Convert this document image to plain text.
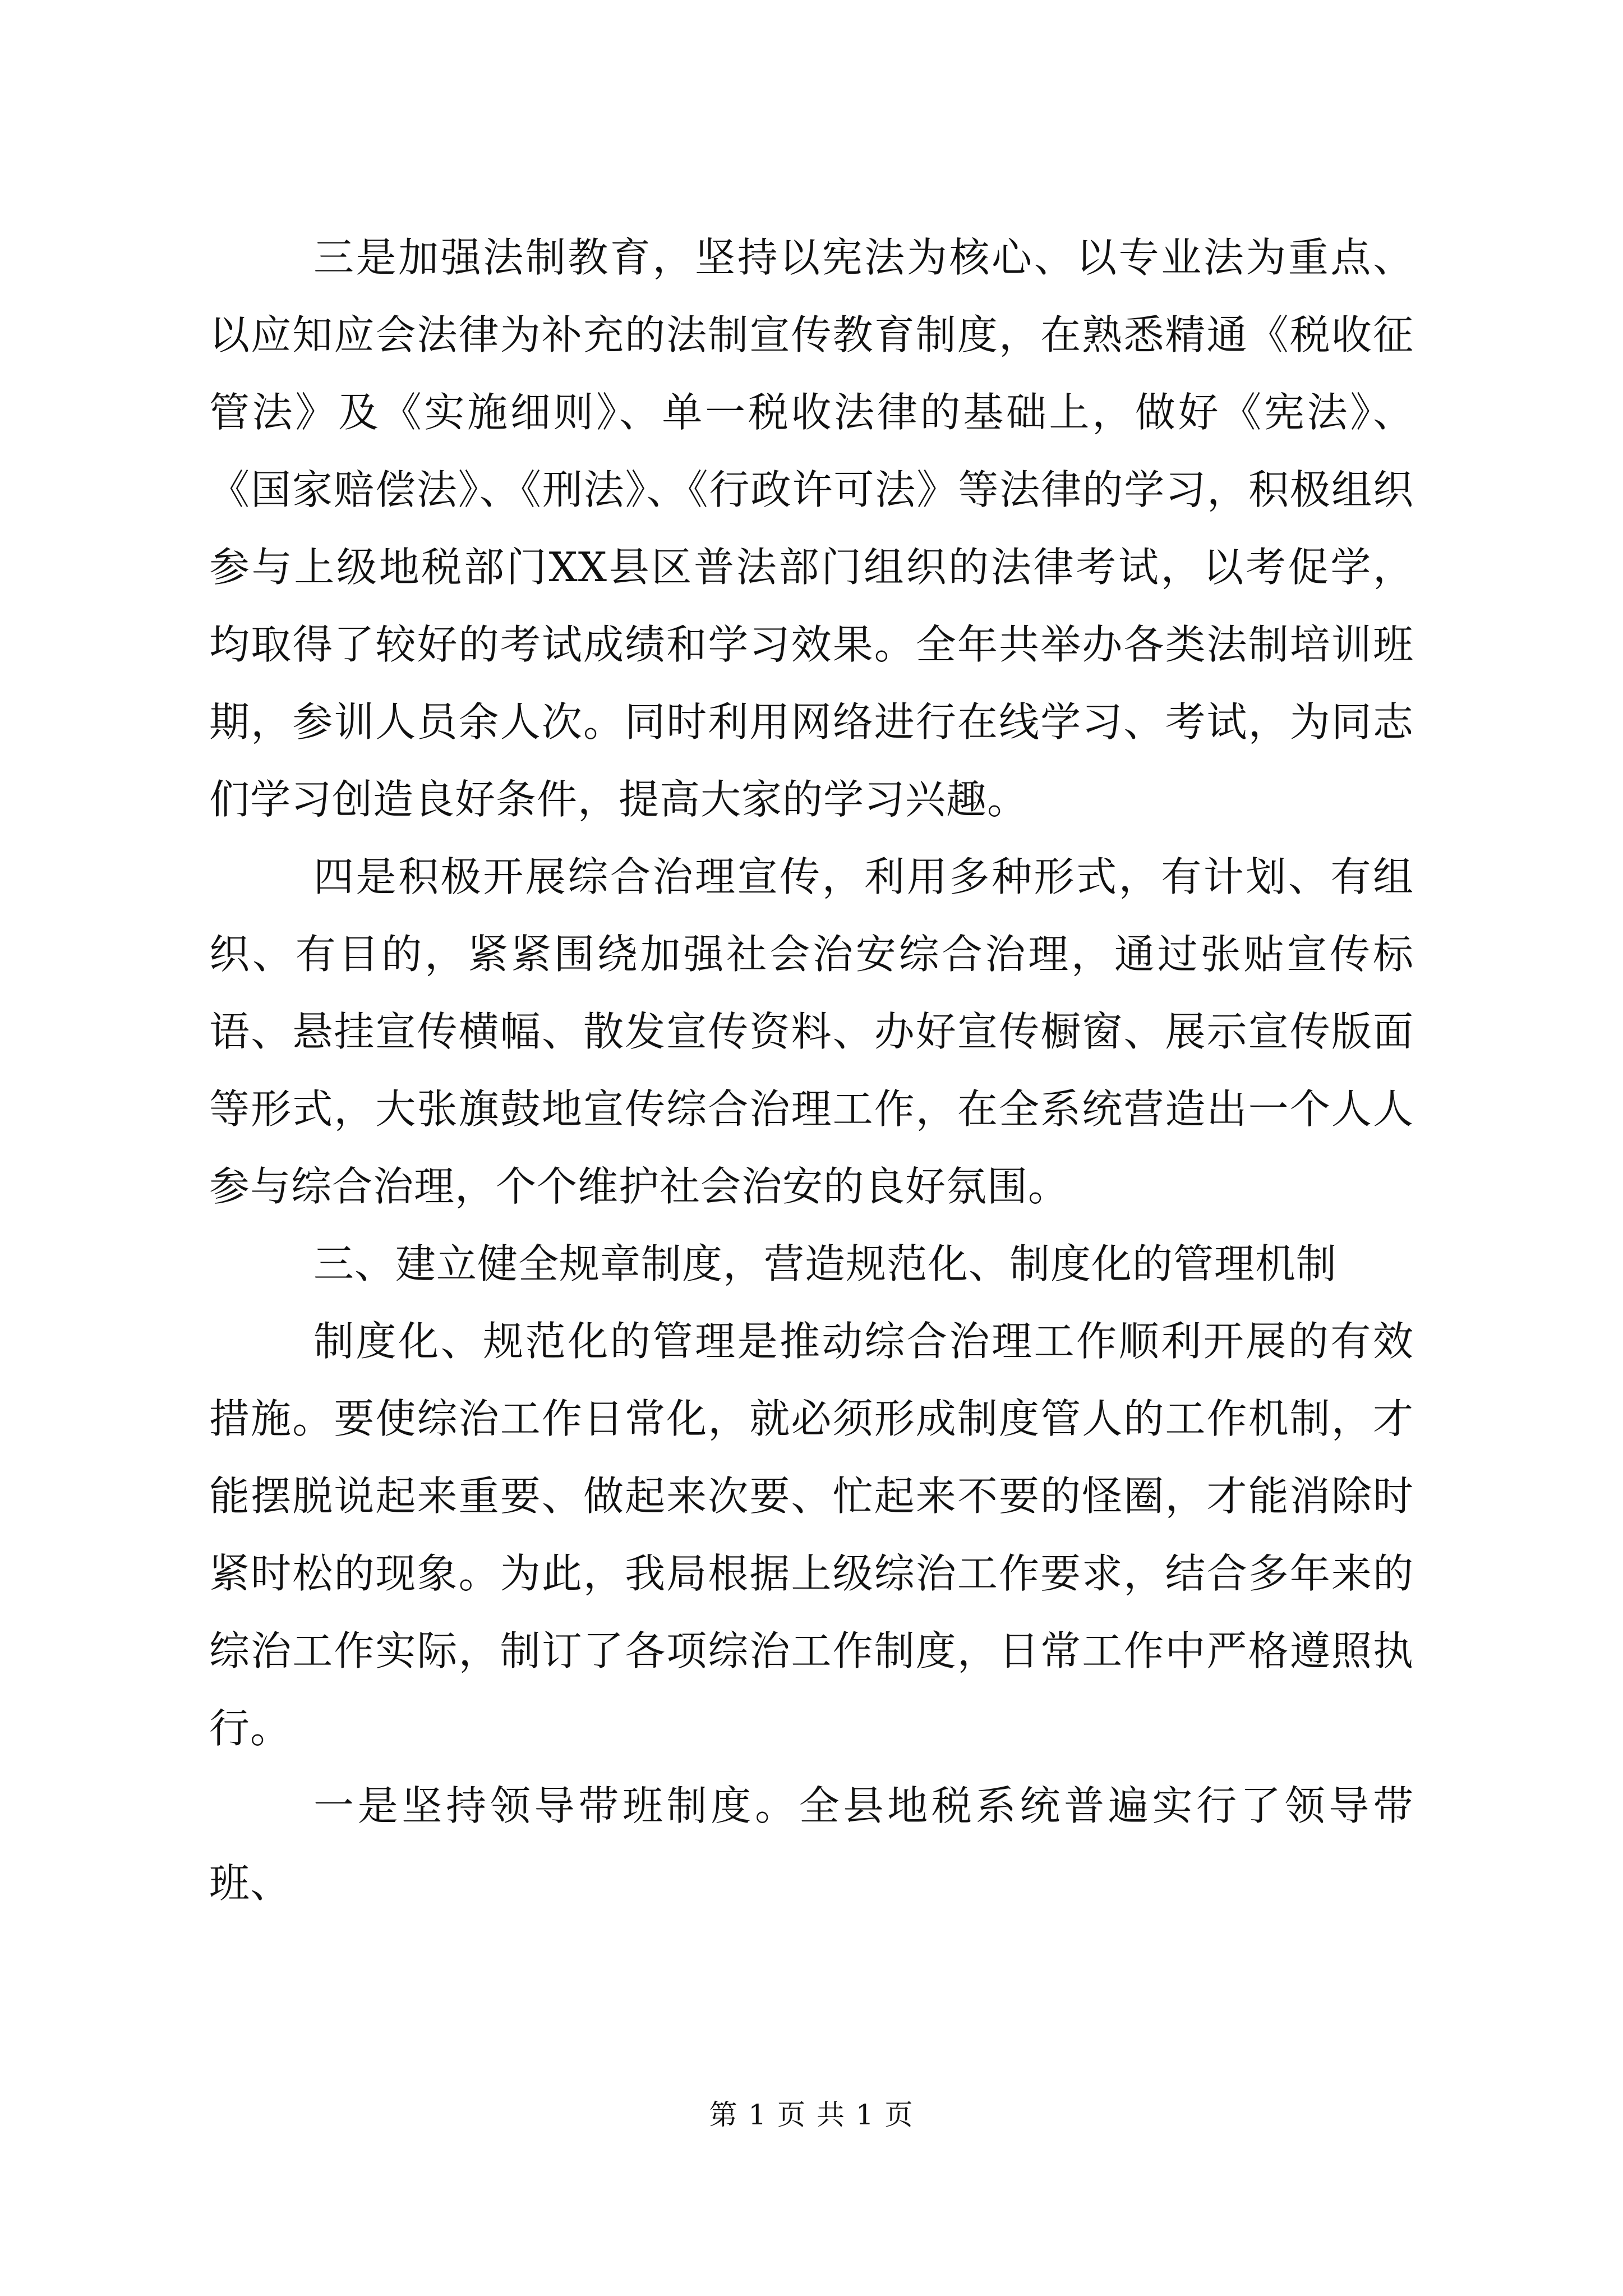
三是加强法制教育，坚持以宪法为核心、以专业法为重点、以应知应会法律为补充的法制宣传教育制度，在熟悉精通《税收征管法》及《实施细则》、单一税收法律的基础上，做好《宪法》、《国家赔偿法》、《刑法》、《行政许可法》等法律的学习，积极组织参与上级地税部门XX县区普法部门组织的法律考试，以考促学，均取得了较好的考试成绩和学习效果。全年共举办各类法制培训班期，参训人员余人次。同时利用网络进行在线学习、考试，为同志们学习创造良好条件，提高大家的学习兴趣。

四是积极开展综合治理宣传，利用多种形式，有计划、有组织、有目的，紧紧围绕加强社会治安综合治理，通过张贴宣传标语、悬挂宣传横幅、散发宣传资料、办好宣传橱窗、展示宣传版面等形式，大张旗鼓地宣传综合治理工作，在全系统营造出一个人人参与综合治理，个个维护社会治安的良好氛围。

三、建立健全规章制度，营造规范化、制度化的管理机制

制度化、规范化的管理是推动综合治理工作顺利开展的有效措施。要使综治工作日常化，就必须形成制度管人的工作机制，才能摆脱说起来重要、做起来次要、忙起来不要的怪圈，才能消除时紧时松的现象。为此，我局根据上级综治工作要求，结合多年来的综治工作实际，制订了各项综治工作制度，日常工作中严格遵照执行。

一是坚持领导带班制度。全县地税系统普遍实行了领导带班、

第 1 页 共 1 页
